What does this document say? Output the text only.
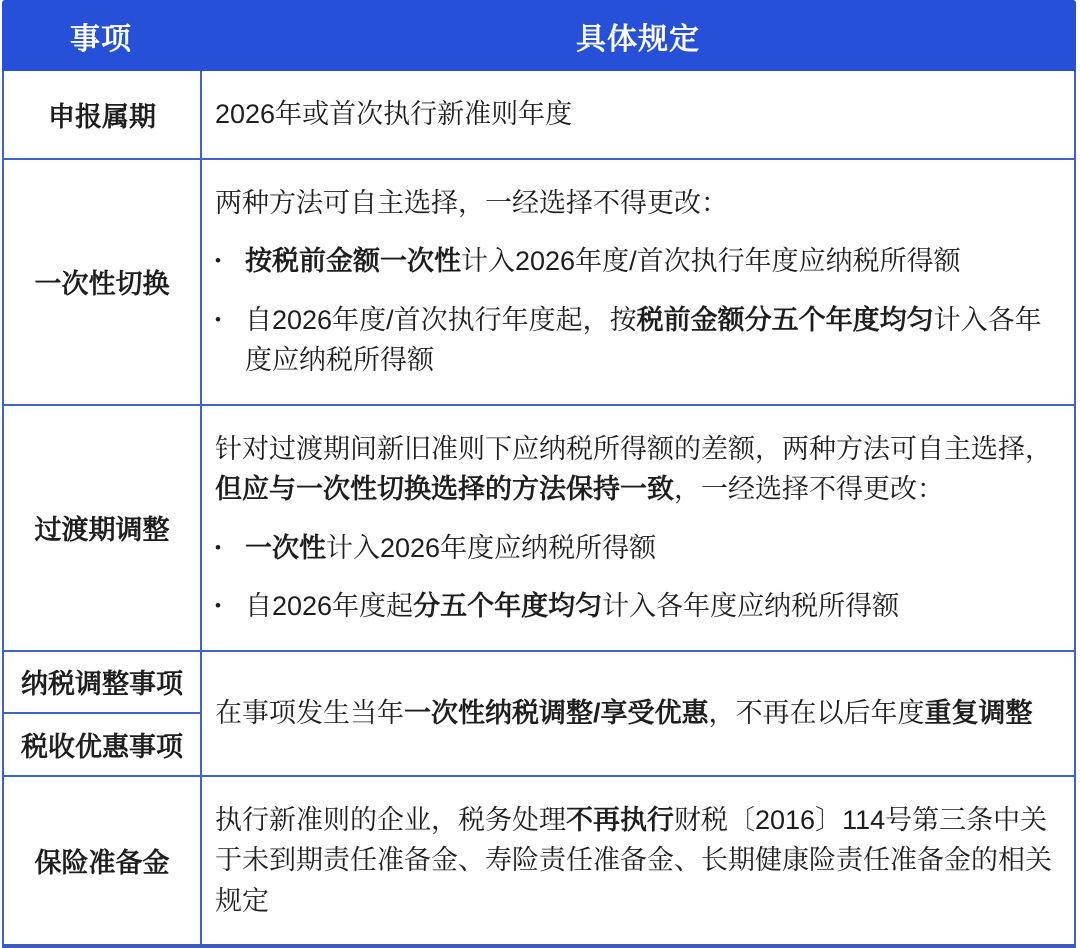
事项	具体规定
申报属期	2026年或首次执行新准则年度
一次性切换
两种方法可自主选择，一经选择不得更改：
• 按税前金额一次性计入2026年度/首次执行年度应纳税所得额
• 自2026年度/首次执行年度起，按税前金额分五个年度均匀计入各年度应纳税所得额
过渡期调整
针对过渡期间新旧准则下应纳税所得额的差额，两种方法可自主选择，但应与一次性切换选择的方法保持一致，一经选择不得更改：
• 一次性计入2026年度应纳税所得额
• 自2026年度起分五个年度均匀计入各年度应纳税所得额
纳税调整事项
税收优惠事项
在事项发生当年一次性纳税调整/享受优惠，不再在以后年度重复调整
保险准备金
执行新准则的企业，税务处理不再执行财税〔2016〕114号第三条中关于未到期责任准备金、寿险责任准备金、长期健康险责任准备金的相关规定
